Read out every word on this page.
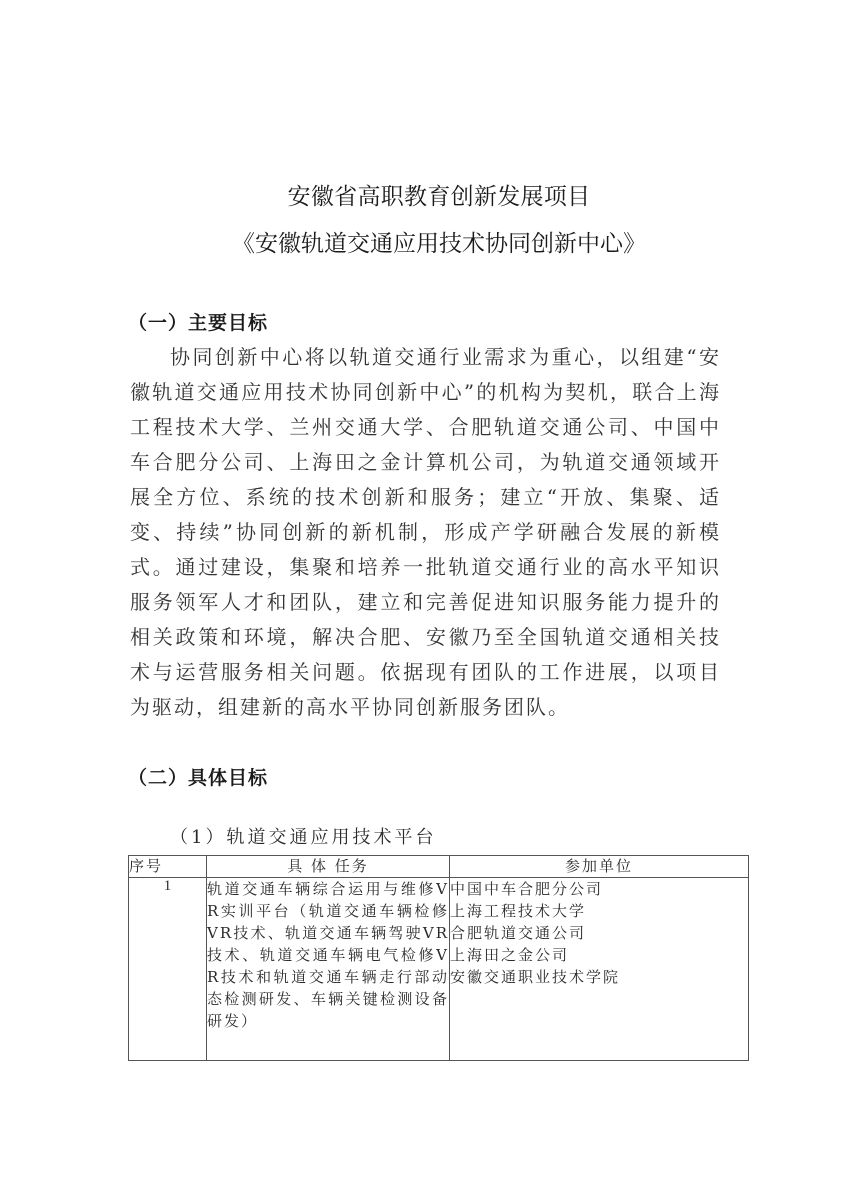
安徽省高职教育创新发展项目
《安徽轨道交通应用技术协同创新中心》
（一）主要目标

协同创新中心将以轨道交通行业需求为重心，以组建“安徽轨道交通应用技术协同创新中心”的机构为契机，联合上海工程技术大学、兰州交通大学、合肥轨道交通公司、中国中车合肥分公司、上海田之金计算机公司，为轨道交通领域开展全方位、系统的技术创新和服务；建立“开放、集聚、适变、持续”协同创新的新机制，形成产学研融合发展的新模式。通过建设，集聚和培养一批轨道交通行业的高水平知识服务领军人才和团队，建立和完善促进知识服务能力提升的相关政策和环境，解决合肥、安徽乃至全国轨道交通相关技术与运营服务相关问题。依据现有团队的工作进展，以项目为驱动，组建新的高水平协同创新服务团队。

（二）具体目标

（1）轨道交通应用技术平台

序号	具 体 任务	参加单位
1	轨道交通车辆综合运用与维修VR实训平台（轨道交通车辆检修VR技术、轨道交通车辆驾驶VR技术、轨道交通车辆电气检修VR技术和轨道交通车辆走行部动态检测研发、车辆关键检测设备研发）	中国中车合肥分公司
上海工程技术大学
合肥轨道交通公司
上海田之金公司
安徽交通职业技术学院
